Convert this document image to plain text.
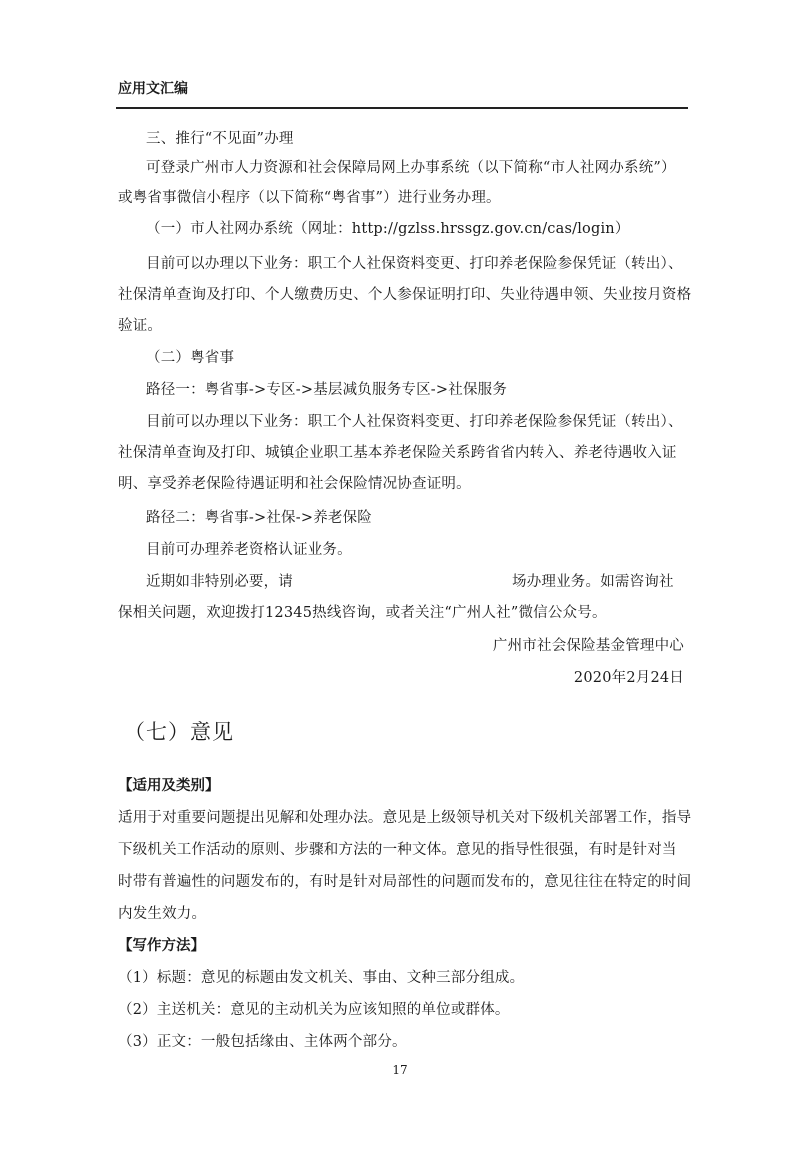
应用文汇编
三、推行“不见面”办理
可登录广州市人力资源和社会保障局网上办事系统（以下简称“市人社网办系统”）
或粤省事微信小程序（以下简称“粤省事”）进行业务办理。
（一）市人社网办系统（网址：http://gzlss.hrssgz.gov.cn/cas/login）
目前可以办理以下业务：职工个人社保资料变更、打印养老保险参保凭证（转出）、
社保清单查询及打印、个人缴费历史、个人参保证明打印、失业待遇申领、失业按月资格
验证。
（二）粤省事
路径一：粤省事->专区->基层减负服务专区->社保服务
目前可以办理以下业务：职工个人社保资料变更、打印养老保险参保凭证（转出）、
社保清单查询及打印、城镇企业职工基本养老保险关系跨省省内转入、养老待遇收入证
明、享受养老保险待遇证明和社会保险情况协查证明。
路径二：粤省事->社保->养老保险
目前可办理养老资格认证业务。
近期如非特别必要，请	场办理业务。如需咨询社
保相关问题，欢迎拨打12345热线咨询，或者关注“广州人社”微信公众号。
广州市社会保险基金管理中心
2020年2月24日
（七）意见
【适用及类别】
适用于对重要问题提出见解和处理办法。意见是上级领导机关对下级机关部署工作，指导
下级机关工作活动的原则、步骤和方法的一种文体。意见的指导性很强，有时是针对当
时带有普遍性的问题发布的，有时是针对局部性的问题而发布的，意见往往在特定的时间
内发生效力。
【写作方法】
（1）标题：意见的标题由发文机关、事由、文种三部分组成。
（2）主送机关：意见的主动机关为应该知照的单位或群体。
（3）正文：一般包括缘由、主体两个部分。
17
